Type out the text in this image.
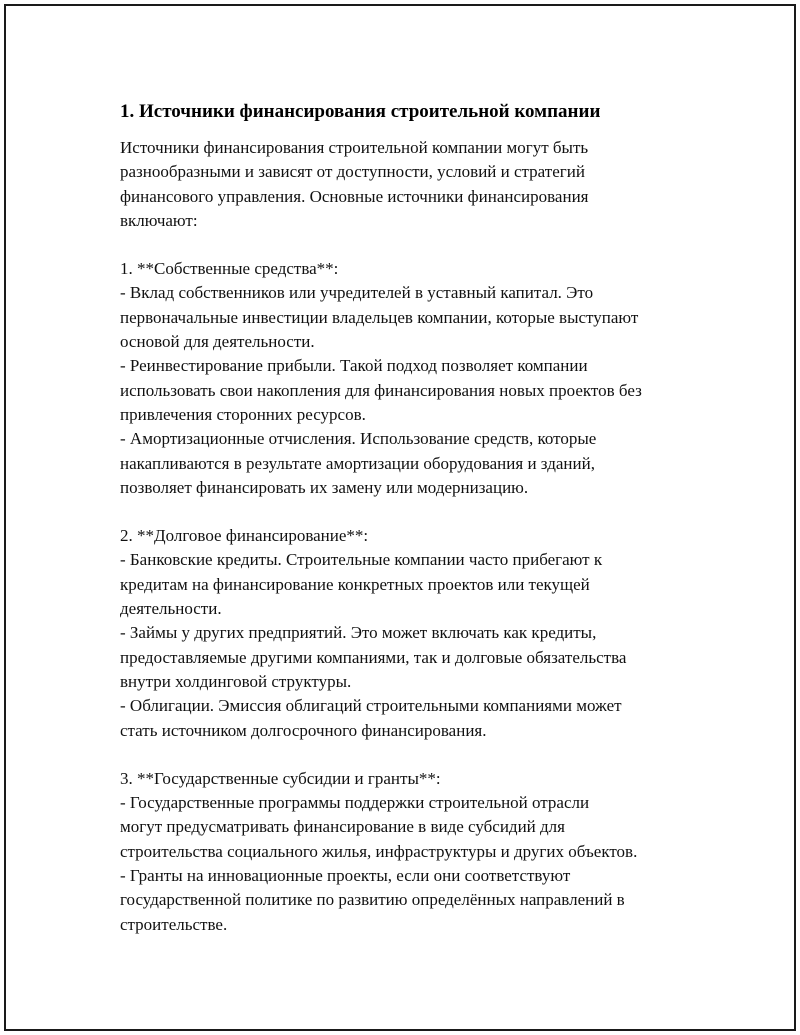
1. Источники финансирования строительной компании
Источники финансирования строительной компании могут быть
разнообразными и зависят от доступности, условий и стратегий
финансового управления. Основные источники финансирования
включают:
1. **Собственные средства**:
- Вклад собственников или учредителей в уставный капитал. Это
первоначальные инвестиции владельцев компании, которые выступают
основой для деятельности.
- Реинвестирование прибыли. Такой подход позволяет компании
использовать свои накопления для финансирования новых проектов без
привлечения сторонних ресурсов.
- Амортизационные отчисления. Использование средств, которые
накапливаются в результате амортизации оборудования и зданий,
позволяет финансировать их замену или модернизацию.
2. **Долговое финансирование**:
- Банковские кредиты. Строительные компании часто прибегают к
кредитам на финансирование конкретных проектов или текущей
деятельности.
- Займы у других предприятий. Это может включать как кредиты,
предоставляемые другими компаниями, так и долговые обязательства
внутри холдинговой структуры.
- Облигации. Эмиссия облигаций строительными компаниями может
стать источником долгосрочного финансирования.
3. **Государственные субсидии и гранты**:
- Государственные программы поддержки строительной отрасли
могут предусматривать финансирование в виде субсидий для
строительства социального жилья, инфраструктуры и других объектов.
- Гранты на инновационные проекты, если они соответствуют
государственной политике по развитию определённых направлений в
строительстве.
